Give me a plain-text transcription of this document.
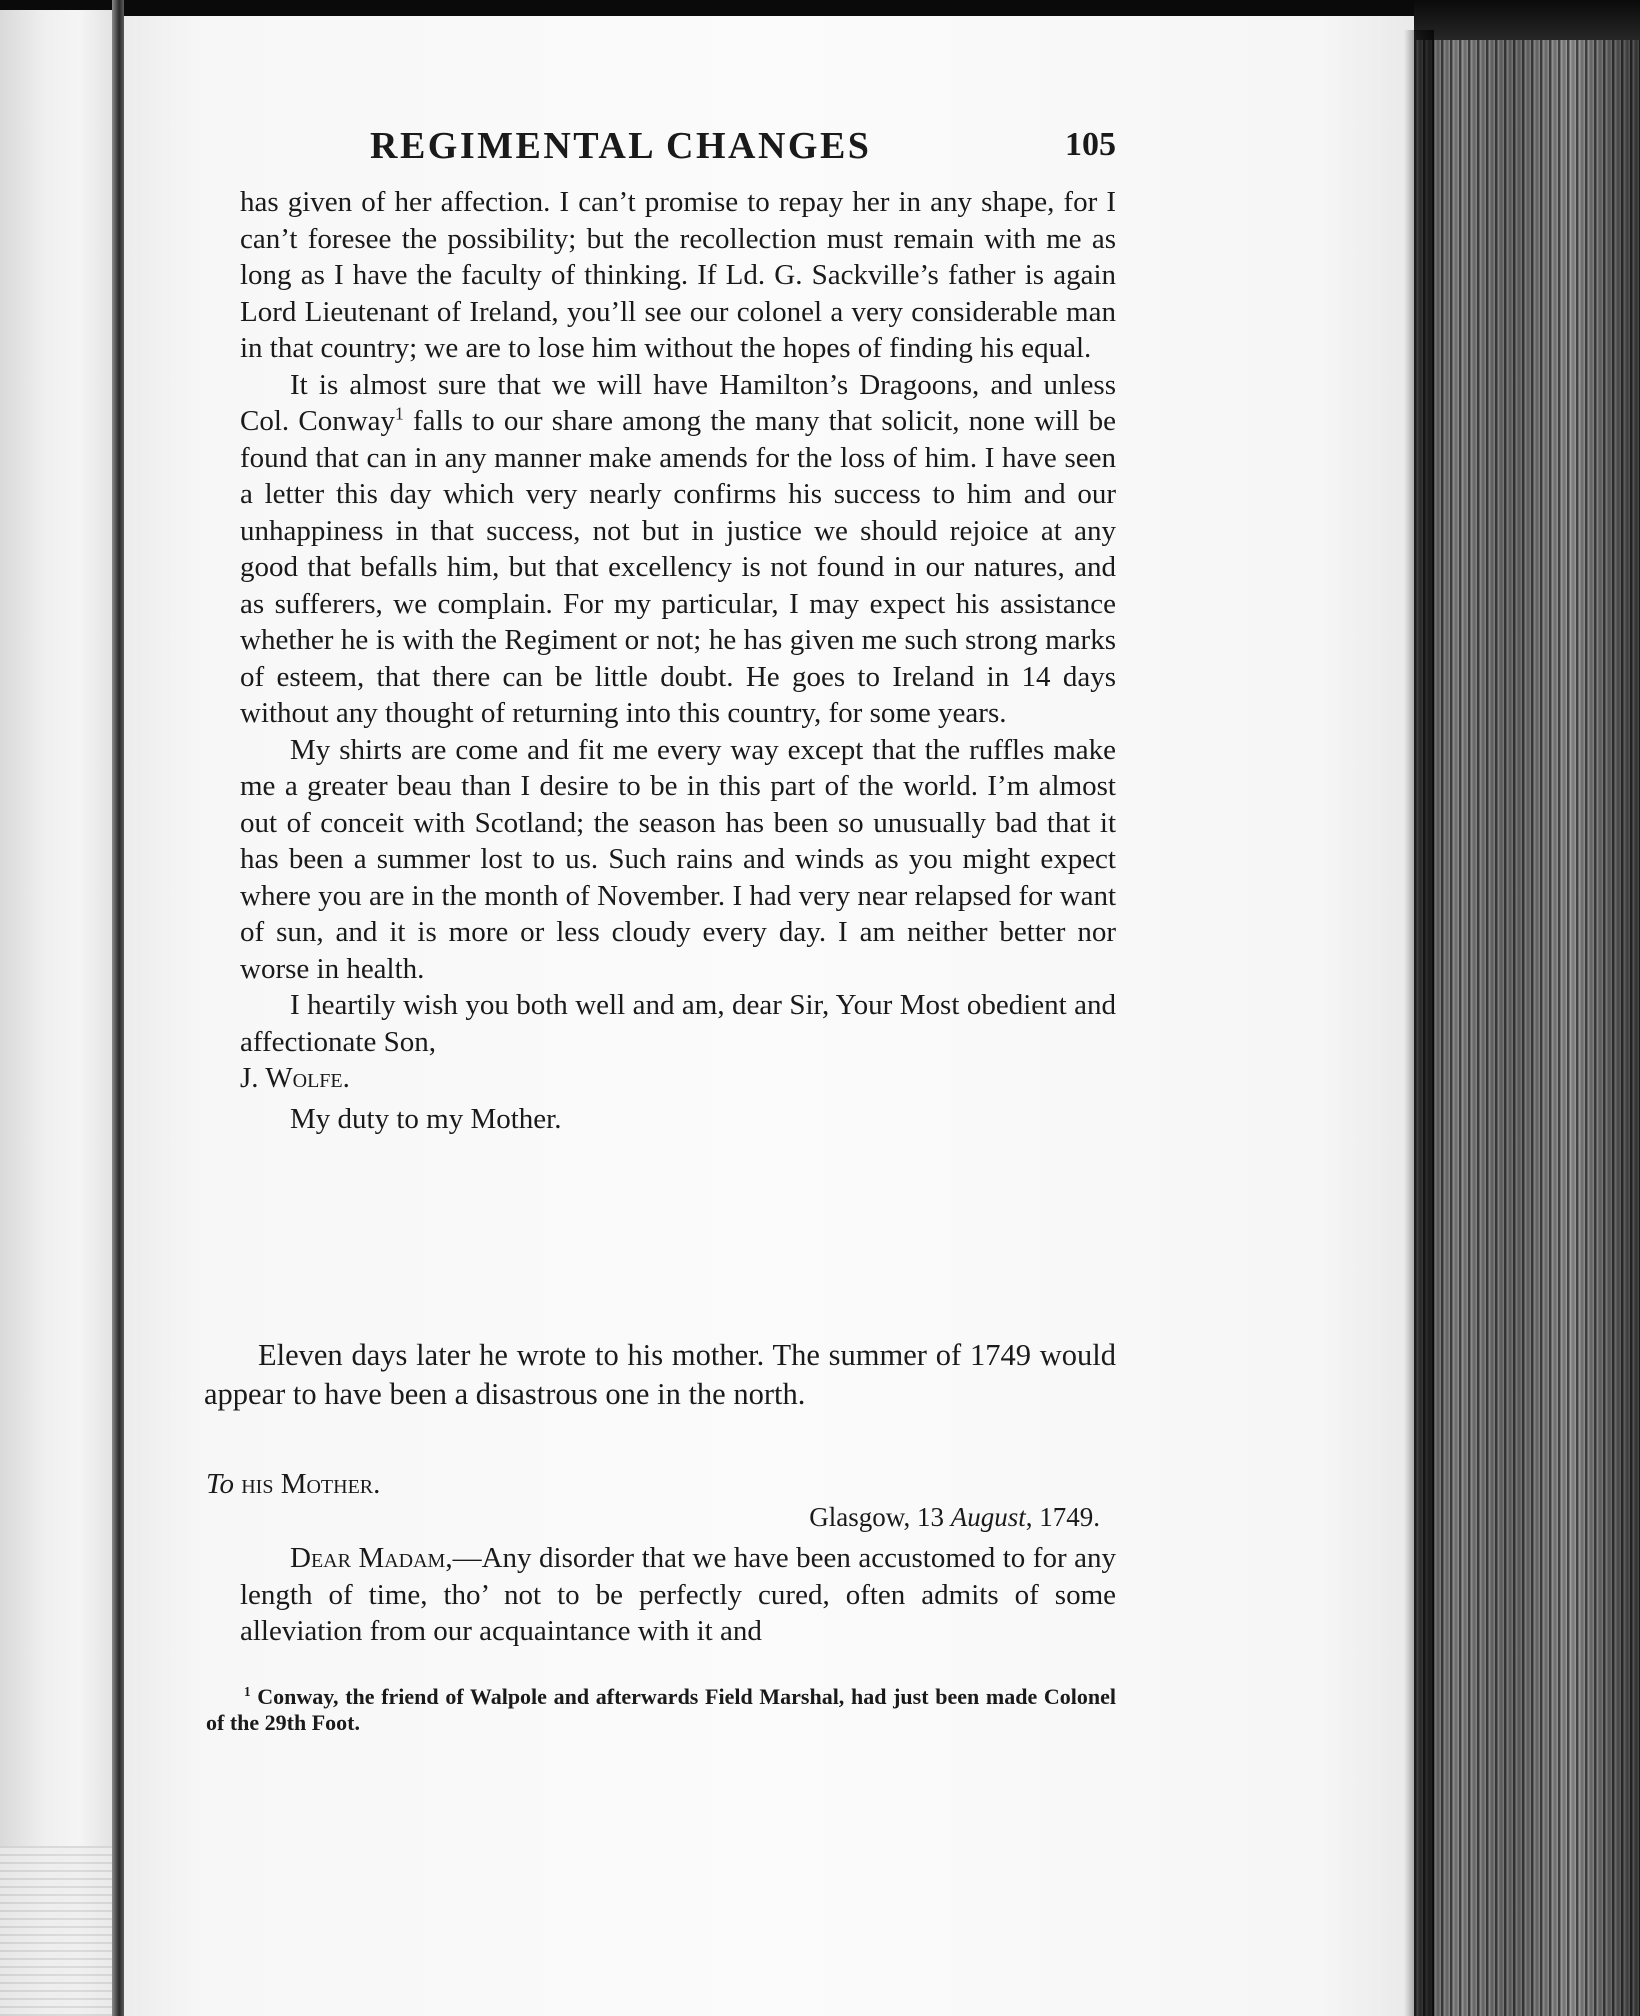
REGIMENTAL CHANGES	105

has given of her affection. I can’t promise to repay her in any shape, for I can’t foresee the possibility; but the recollection must remain with me as long as I have the faculty of thinking. If Ld. G. Sackville’s father is again Lord Lieutenant of Ireland, you’ll see our colonel a very considerable man in that country; we are to lose him without the hopes of finding his equal.

It is almost sure that we will have Hamilton’s Dragoons, and unless Col. Conway$^1$ falls to our share among the many that solicit, none will be found that can in any manner make amends for the loss of him. I have seen a letter this day which very nearly confirms his success to him and our unhappiness in that success, not but in justice we should rejoice at any good that befalls him, but that excellency is not found in our natures, and as sufferers, we complain. For my particular, I may expect his assistance whether he is with the Regiment or not; he has given me such strong marks of esteem, that there can be little doubt. He goes to Ireland in 14 days without any thought of returning into this country, for some years.

My shirts are come and fit me every way except that the ruffles make me a greater beau than I desire to be in this part of the world. I’m almost out of conceit with Scotland; the season has been so unusually bad that it has been a summer lost to us. Such rains and winds as you might expect where you are in the month of November. I had very near relapsed for want of sun, and it is more or less cloudy every day. I am neither better nor worse in health.

I heartily wish you both well and am, dear Sir, Your Most obedient and affectionate Son,

J. Wolfe.

My duty to my Mother.

Eleven days later he wrote to his mother. The summer of 1749 would appear to have been a disastrous one in the north.

To his Mother.
Glasgow, 13 August, 1749.

Dear Madam,—Any disorder that we have been accustomed to for any length of time, tho’ not to be perfectly cured, often admits of some alleviation from our acquaintance with it and

$^1$ Conway, the friend of Walpole and afterwards Field Marshal, had just been made Colonel of the 29th Foot.
